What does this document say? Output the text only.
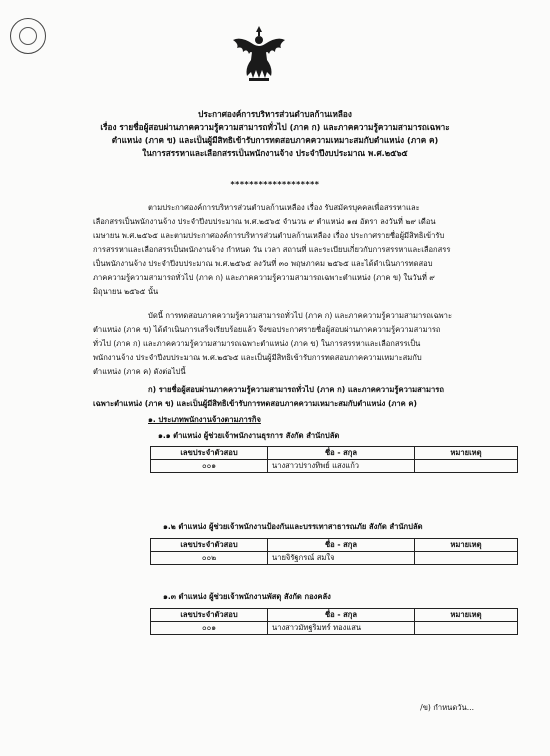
ประกาศองค์การบริหารส่วนตำบลก้านเหลือง
เรื่อง รายชื่อผู้สอบผ่านภาคความรู้ความสามารถทั่วไป (ภาค ก) และภาคความรู้ความสามารถเฉพาะ
ตำแหน่ง (ภาค ข) และเป็นผู้มีสิทธิเข้ารับการทดสอบภาคความเหมาะสมกับตำแหน่ง (ภาค ค)
ในการสรรหาและเลือกสรรเป็นพนักงานจ้าง ประจำปีงบประมาณ พ.ศ.๒๕๖๕
*******************
ตามประกาศองค์การบริหารส่วนตำบลก้านเหลือง เรื่อง รับสมัครบุคคลเพื่อสรรหาและ
เลือกสรรเป็นพนักงานจ้าง ประจำปีงบประมาณ พ.ศ.๒๕๖๕ จำนวน ๙ ตำแหน่ง ๑๗ อัตรา ลงวันที่ ๒๙ เดือน
เมษายน พ.ศ.๒๕๖๕ และตามประกาศองค์การบริหารส่วนตำบลก้านเหลือง เรื่อง ประกาศรายชื่อผู้มีสิทธิเข้ารับ
การสรรหาและเลือกสรรเป็นพนักงานจ้าง กำหนด วัน เวลา สถานที่ และระเบียบเกี่ยวกับการสรรหาและเลือกสรร
เป็นพนักงานจ้าง ประจำปีงบประมาณ พ.ศ.๒๕๖๕ ลงวันที่ ๓๐ พฤษภาคม ๒๕๖๕ และได้ดำเนินการทดสอบ
ภาคความรู้ความสามารถทั่วไป (ภาค ก) และภาคความรู้ความสามารถเฉพาะตำแหน่ง (ภาค ข) ในวันที่ ๙
มิถุนายน ๒๕๖๕ นั้น
บัดนี้ การทดสอบภาคความรู้ความสามารถทั่วไป (ภาค ก) และภาคความรู้ความสามารถเฉพาะ
ตำแหน่ง (ภาค ข) ได้ดำเนินการเสร็จเรียบร้อยแล้ว จึงขอประกาศรายชื่อผู้สอบผ่านภาคความรู้ความสามารถ
ทั่วไป (ภาค ก) และภาคความรู้ความสามารถเฉพาะตำแหน่ง (ภาค ข) ในการสรรหาและเลือกสรรเป็น
พนักงานจ้าง ประจำปีงบประมาณ พ.ศ.๒๕๖๕ และเป็นผู้มีสิทธิเข้ารับการทดสอบภาคความเหมาะสมกับ
ตำแหน่ง (ภาค ค) ดังต่อไปนี้
ก) รายชื่อผู้สอบผ่านภาคความรู้ความสามารถทั่วไป (ภาค ก) และภาคความรู้ความสามารถ
เฉพาะตำแหน่ง (ภาค ข) และเป็นผู้มีสิทธิเข้ารับการทดสอบภาคความเหมาะสมกับตำแหน่ง (ภาค ค)
๑. ประเภทพนักงานจ้างตามภารกิจ
๑.๑ ตำแหน่ง ผู้ช่วยเจ้าพนักงานธุรการ สังกัด สำนักปลัด
เลขประจำตัวสอบ	ชื่อ - สกุล	หมายเหตุ
๐๐๑	นางสาวปรางทิพย์ แสงแก้ว	
๑.๒ ตำแหน่ง ผู้ช่วยเจ้าพนักงานป้องกันและบรรเทาสาธารณภัย สังกัด สำนักปลัด
เลขประจำตัวสอบ	ชื่อ - สกุล	หมายเหตุ
๐๐๒	นายจิรัฐกรณ์ สมใจ	
๑.๓ ตำแหน่ง ผู้ช่วยเจ้าพนักงานพัสดุ สังกัด กองคลัง
เลขประจำตัวสอบ	ชื่อ - สกุล	หมายเหตุ
๐๐๑	นางสาวมัทฐริมทร์ ทองแสน	
/ข) กำหนดวัน...
